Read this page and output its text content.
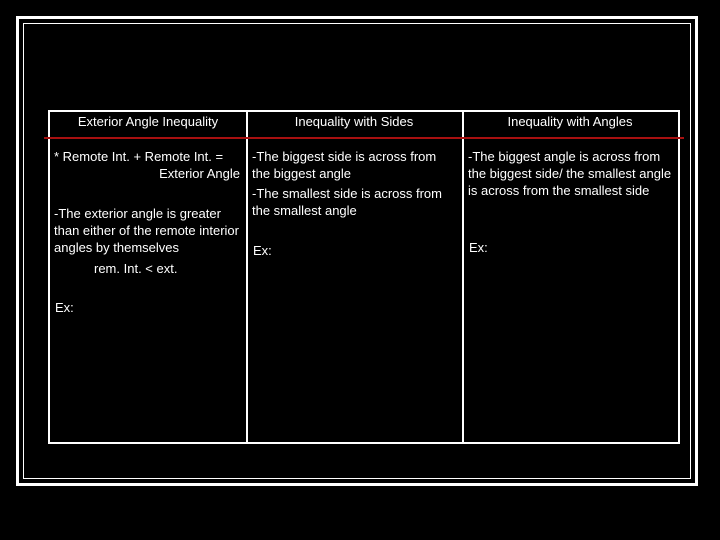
Exterior Angle Inequality	Inequality with Sides	Inequality with Angles

* Remote Int. + Remote Int. =

Exterior Angle

-The exterior angle is greater than either of the remote interior angles by themselves
rem. Int. < ext.
Ex:
-The biggest side is across from the biggest angle
-The smallest side is across from the smallest angle
Ex:
-The biggest angle is across from the biggest side/ the smallest angle is across from the smallest side
Ex:
